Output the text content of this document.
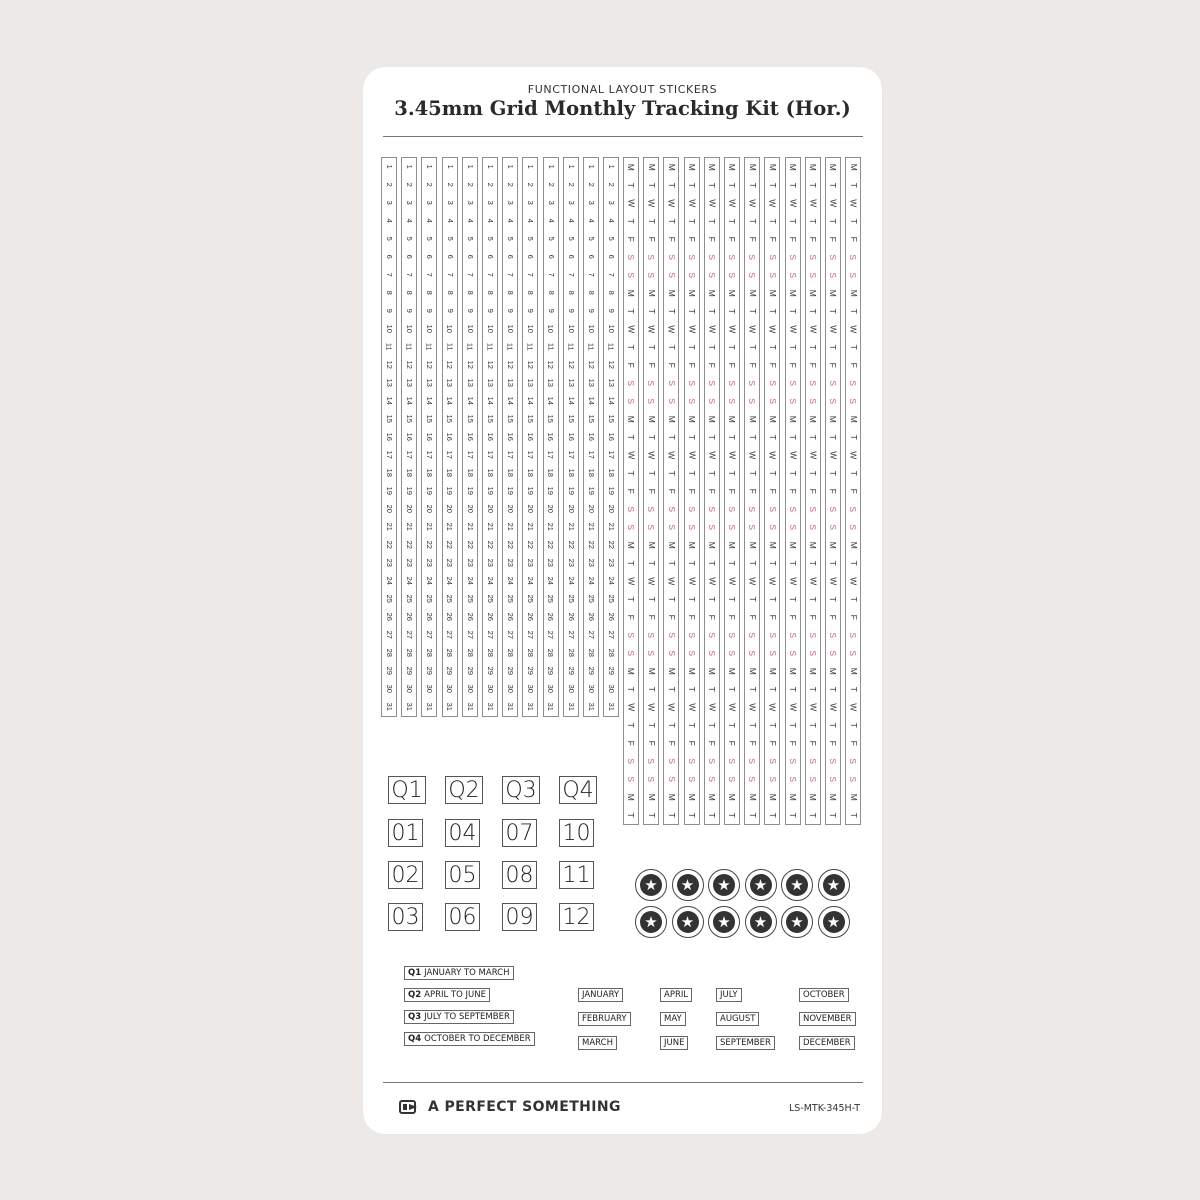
FUNCTIONAL LAYOUT STICKERS
3.45mm Grid Monthly Tracking Kit (Hor.)
1
2
3
4
5
6
7
8
9
10
11
12
13
14
15
16
17
18
19
20
21
22
23
24
25
26
27
28
29
30
31
1
2
3
4
5
6
7
8
9
10
11
12
13
14
15
16
17
18
19
20
21
22
23
24
25
26
27
28
29
30
31
1
2
3
4
5
6
7
8
9
10
11
12
13
14
15
16
17
18
19
20
21
22
23
24
25
26
27
28
29
30
31
1
2
3
4
5
6
7
8
9
10
11
12
13
14
15
16
17
18
19
20
21
22
23
24
25
26
27
28
29
30
31
1
2
3
4
5
6
7
8
9
10
11
12
13
14
15
16
17
18
19
20
21
22
23
24
25
26
27
28
29
30
31
1
2
3
4
5
6
7
8
9
10
11
12
13
14
15
16
17
18
19
20
21
22
23
24
25
26
27
28
29
30
31
1
2
3
4
5
6
7
8
9
10
11
12
13
14
15
16
17
18
19
20
21
22
23
24
25
26
27
28
29
30
31
1
2
3
4
5
6
7
8
9
10
11
12
13
14
15
16
17
18
19
20
21
22
23
24
25
26
27
28
29
30
31
1
2
3
4
5
6
7
8
9
10
11
12
13
14
15
16
17
18
19
20
21
22
23
24
25
26
27
28
29
30
31
1
2
3
4
5
6
7
8
9
10
11
12
13
14
15
16
17
18
19
20
21
22
23
24
25
26
27
28
29
30
31
1
2
3
4
5
6
7
8
9
10
11
12
13
14
15
16
17
18
19
20
21
22
23
24
25
26
27
28
29
30
31
1
2
3
4
5
6
7
8
9
10
11
12
13
14
15
16
17
18
19
20
21
22
23
24
25
26
27
28
29
30
31
M
T
W
T
F
S
S
M
T
W
T
F
S
S
M
T
W
T
F
S
S
M
T
W
T
F
S
S
M
T
W
T
F
S
S
M
T
M
T
W
T
F
S
S
M
T
W
T
F
S
S
M
T
W
T
F
S
S
M
T
W
T
F
S
S
M
T
W
T
F
S
S
M
T
M
T
W
T
F
S
S
M
T
W
T
F
S
S
M
T
W
T
F
S
S
M
T
W
T
F
S
S
M
T
W
T
F
S
S
M
T
M
T
W
T
F
S
S
M
T
W
T
F
S
S
M
T
W
T
F
S
S
M
T
W
T
F
S
S
M
T
W
T
F
S
S
M
T
M
T
W
T
F
S
S
M
T
W
T
F
S
S
M
T
W
T
F
S
S
M
T
W
T
F
S
S
M
T
W
T
F
S
S
M
T
M
T
W
T
F
S
S
M
T
W
T
F
S
S
M
T
W
T
F
S
S
M
T
W
T
F
S
S
M
T
W
T
F
S
S
M
T
M
T
W
T
F
S
S
M
T
W
T
F
S
S
M
T
W
T
F
S
S
M
T
W
T
F
S
S
M
T
W
T
F
S
S
M
T
M
T
W
T
F
S
S
M
T
W
T
F
S
S
M
T
W
T
F
S
S
M
T
W
T
F
S
S
M
T
W
T
F
S
S
M
T
M
T
W
T
F
S
S
M
T
W
T
F
S
S
M
T
W
T
F
S
S
M
T
W
T
F
S
S
M
T
W
T
F
S
S
M
T
M
T
W
T
F
S
S
M
T
W
T
F
S
S
M
T
W
T
F
S
S
M
T
W
T
F
S
S
M
T
W
T
F
S
S
M
T
M
T
W
T
F
S
S
M
T
W
T
F
S
S
M
T
W
T
F
S
S
M
T
W
T
F
S
S
M
T
W
T
F
S
S
M
T
M
T
W
T
F
S
S
M
T
W
T
F
S
S
M
T
W
T
F
S
S
M
T
W
T
F
S
S
M
T
W
T
F
S
S
M
T
Q1 Q2 Q3 Q4
01 04 07 10
02 05 08 11
03 06 09 12
★ ★ ★ ★ ★ ★
★ ★ ★ ★ ★ ★
Q1 JANUARY TO MARCH
Q2 APRIL TO JUNE
Q3 JULY TO SEPTEMBER
Q4 OCTOBER TO DECEMBER
JANUARY
FEBRUARY
MARCH
APRIL
MAY
JUNE
JULY
AUGUST
SEPTEMBER
OCTOBER
NOVEMBER
DECEMBER
A PERFECT SOMETHING	LS-MTK-345H-T
